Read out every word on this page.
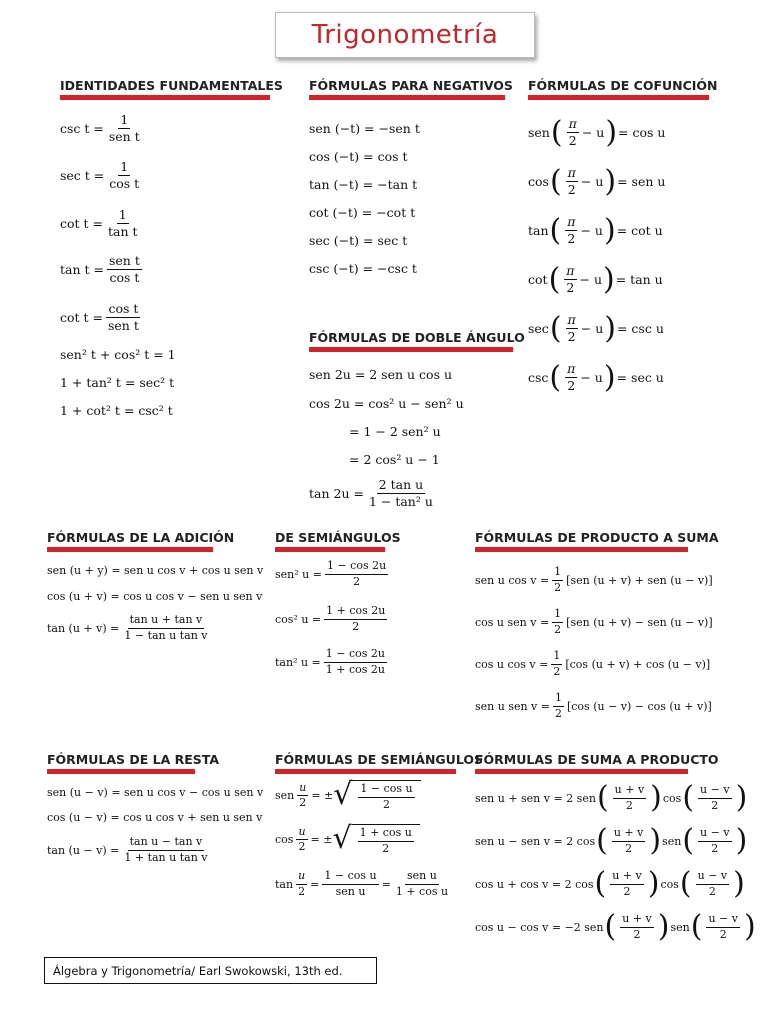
Trigonometría
IDENTIDADES FUNDAMENTALES FÓRMULAS PARA NEGATIVOS FÓRMULAS DE COFUNCIÓN
FÓRMULAS DE DOBLE ÁNGULO
FÓRMULAS DE LA ADICIÓN	DE SEMIÁNGULOS	FÓRMULAS DE PRODUCTO A SUMA
FÓRMULAS DE LA RESTA	FÓRMULAS DE SEMIÁNGULOS
FÓRMULAS DE SUMA A PRODUCTO
csc t =
1
sen t
$\sec t = \frac{1}{\text{cos t}}$
$\cot t = \frac{1}{\text{tan t}}$
tan t =
sen t
cos t
cot t =
cos t
sen t
sen² t + cos² t = 1
1 + tan² t = sec² t
1 + cot² t = csc² t
sen (−t) = −sen t
cos (−t) = cos t
tan (−t) = −tan t
cot (−t) = −cot t
sec (−t) = sec t
csc (−t) = −csc t
sen ( π
2
− u ) = cos u
cos ( π
2
− u ) = sen u
tan ( π
2
− u ) = cot u
cot ( π
2
− u ) = tan u
sec ( π
2
− u ) = csc u
csc ( π
2
− u ) = sec u
sen 2u = 2 sen u cos u
cos 2u = cos² u − sen² u
= 1 − 2 sen² u
= 2 cos² u − 1
$\tan 2u = \frac{\text{2 tan u}}{\text{1 − tan² u}}$
sen (u + y) = sen u cos v + cos u sen v
cos (u + v) = cos u cos v − sen u sen v
$\tan (u + v) = \frac{\text{tan u + tan v}}{\text{1 − tan u tan v}}$
sen² $u = \frac{1 - \cos 2u}{2}$
cos² $u = \frac{1 + \cos 2u}{2}$
tan² $u = \frac{1 - \cos 2u}{1 + \cos 2u}$
sen u $\cos v = \frac{1}{2} [sen$ (u + v) + sen (u − v)]
cos u sen $v = \frac{1}{2} [sen$ (u + v) − sen (u − v)]
cos u $\cos v = \frac{1}{2} [\cos$ (u + v) + cos (u − v)]
sen u sen $v = \frac{1}{2} [\cos$ (u − v) − cos (u + v)]
sen (u − v) = sen u cos v − cos u sen v
cos (u − v) = cos u cos v + sen u sen v
$\tan (u - v) = \frac{\text{tan u − tan v}}{\text{1 + tan u tan v}}$
sen $\frac{u}{2}$ = ± √ 1 − cos u
2
$\cos \frac{u}{2}$ = ± √ 1 + cos u
2
$\tan \frac{u}{2}$ =
1 − cos u
sen u
=
sen u
1 + cos u
sen u + sen v = 2 sen ( u + v
2 ) cos ( u − v
2 )
sen u − sen v = 2 cos ( u + v
2 ) sen ( u − v
2 )
cos u + cos v = 2 cos ( u + v
2 ) cos ( u − v
2 )
cos u − cos v = −2 sen ( u + v
2 ) sen ( u − v
2 )
Álgebra y Trigonometría/ Earl Swokowski, 13th ed.
